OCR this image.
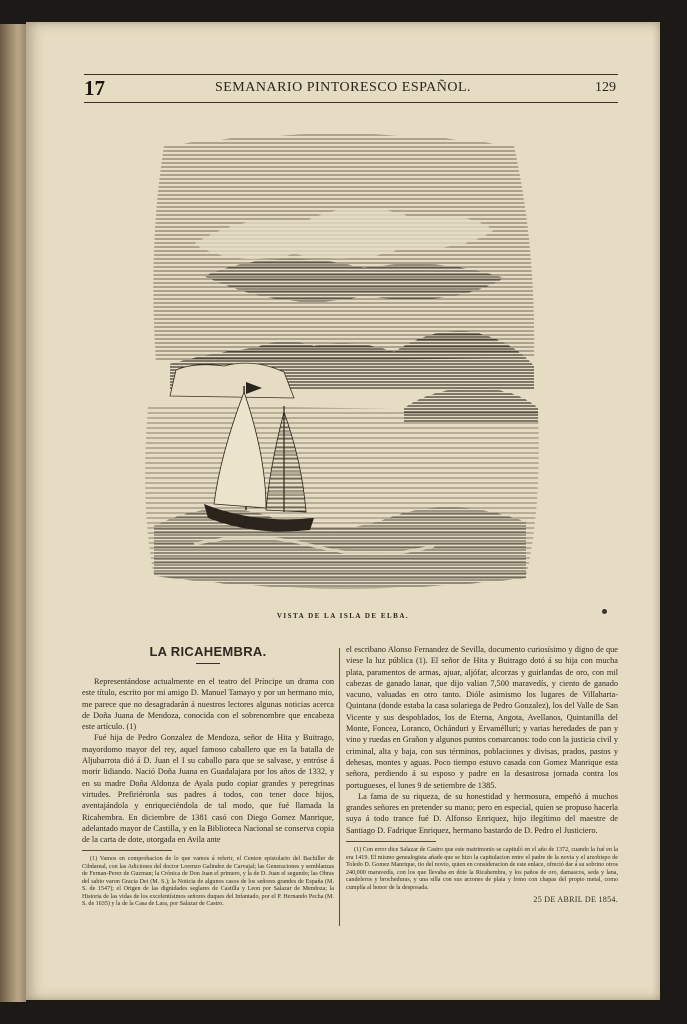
17	SEMANARIO PINTORESCO ESPAÑOL.	129
VISTA DE LA ISLA DE ELBA.
LA RICAHEMBRA.

Representándose actualmente en el teatro del Príncipe un drama con este título, escrito por mi amigo D. Manuel Tamayo y por un hermano mio, me parece que no desagradarán á nuestros lectores algunas noticias acerca de Doña Juana de Mendoza, conocida con el sobrenombre que encabeza este artículo. (1)

Fué hija de Pedro Gonzalez de Mendoza, señor de Hita y Buitrago, mayordomo mayor del rey, aquel famoso caballero que en la batalla de Aljubarrota dió á D. Juan el I su caballo para que se salvase, y entróse á morir lidiando. Nació Doña Juana en Guadalajara por los años de 1332, y en su madre Doña Aldonza de Ayala pudo copiar grandes y peregrinas virtudes. Prefiriéronla sus padres á todos, con tener doce hijos, aventajándola y enriqueciéndola de tal modo, que fué llamada la Ricahembra. En diciembre de 1381 casó con Diego Gomez Manrique, adelantado mayor de Castilla, y en la Biblioteca Nacional se conserva copia de la carta de dote, otorgada en Avila ante

(1) Vamos en comprobacion de lo que vamos á referir, el Centon epistolario del Bachiller de Cibdareal, con las Adiciones del doctor Lorenzo Galindez de Carvajal; las Generaciones y semblanzas de Fernan-Perez de Guzman; la Crónica de Don Juan el primero, y la de D. Juan el segundo; las Obras del sabio varon Gracia Dei (M. S.); la Noticia de algunos casos de los señores grandes de España (M. S. de 1547); el Origen de las dignidades seglares de Castilla y Leon por Salazar de Mendoza; la Historia de las vidas de los excelentísimos señores duques del Infantado, por el P. Hernando Pecha (M. S. de 1635) y la de la Casa de Lara, por Salazar de Castro.

el escribano Alonso Fernandez de Sevilla, documento curiosísimo y digno de que viese la luz pública (1). El señor de Hita y Buitrago dotó á su hija con mucha plata, paramentos de armas, ajuar, aljófar, alcorzas y guirlandas de oro, con mil cabezas de ganado lanar, que dijo valian 7,500 maravedís, y ciento de ganado vacuno, valuadas en otro tanto. Dióle asimismo los lugares de Villaharta-Quintana (donde estaba la casa solariega de Pedro Gonzalez), los del Valle de San Vicente y sus despoblados, los de Eterna, Angota, Avellanos, Quintanilla del Monte, Foncea, Loranco, Ochánduri y Ervamélluri; y varias heredades de pan y vino y ruedas en Grañon y algunos puntos comarcanos: todo con la justicia civil y criminal, alta y baja, con sus términos, poblaciones y divisas, prados, pastos y dehesas, montes y aguas. Poco tiempo estuvo casada con Gomez Manrique esta señora, perdiendo á su esposo y padre en la desastrosa jornada contra los portugueses, el lunes 9 de setiembre de 1385.

La fama de su riqueza, de su honestidad y hermosura, empeñó á muchos grandes señores en pretender su mano; pero en especial, quien se propuso hacerla suya á todo trance fué D. Alfonso Enriquez, hijo ilegítimo del maestre de Santiago D. Fadrique Enriquez, hermano bastardo de D. Pedro el Justiciero.

(1) Con error dice Salazar de Castro que este matrimonio se capituló en el año de 1372, cuando la fué en la era 1419. El mismo genealogista añade que se hizo la capitulacion entre el padre de la novia y el arzobispo de Toledo D. Gomez Manrique, tio del novio, quien en consideracion de este enlace, ofreció dar á su sobrino otros 240,000 maravedís, con los que llevaba en dote la Ricahembra, y los paños de oro, damascos, seda y lana, candeleros y brocheduras, y una silla con sus arzones de plata y freno con chapas del propio metal, como cumplía al honor de la desposada.

25 DE ABRIL DE 1854.
